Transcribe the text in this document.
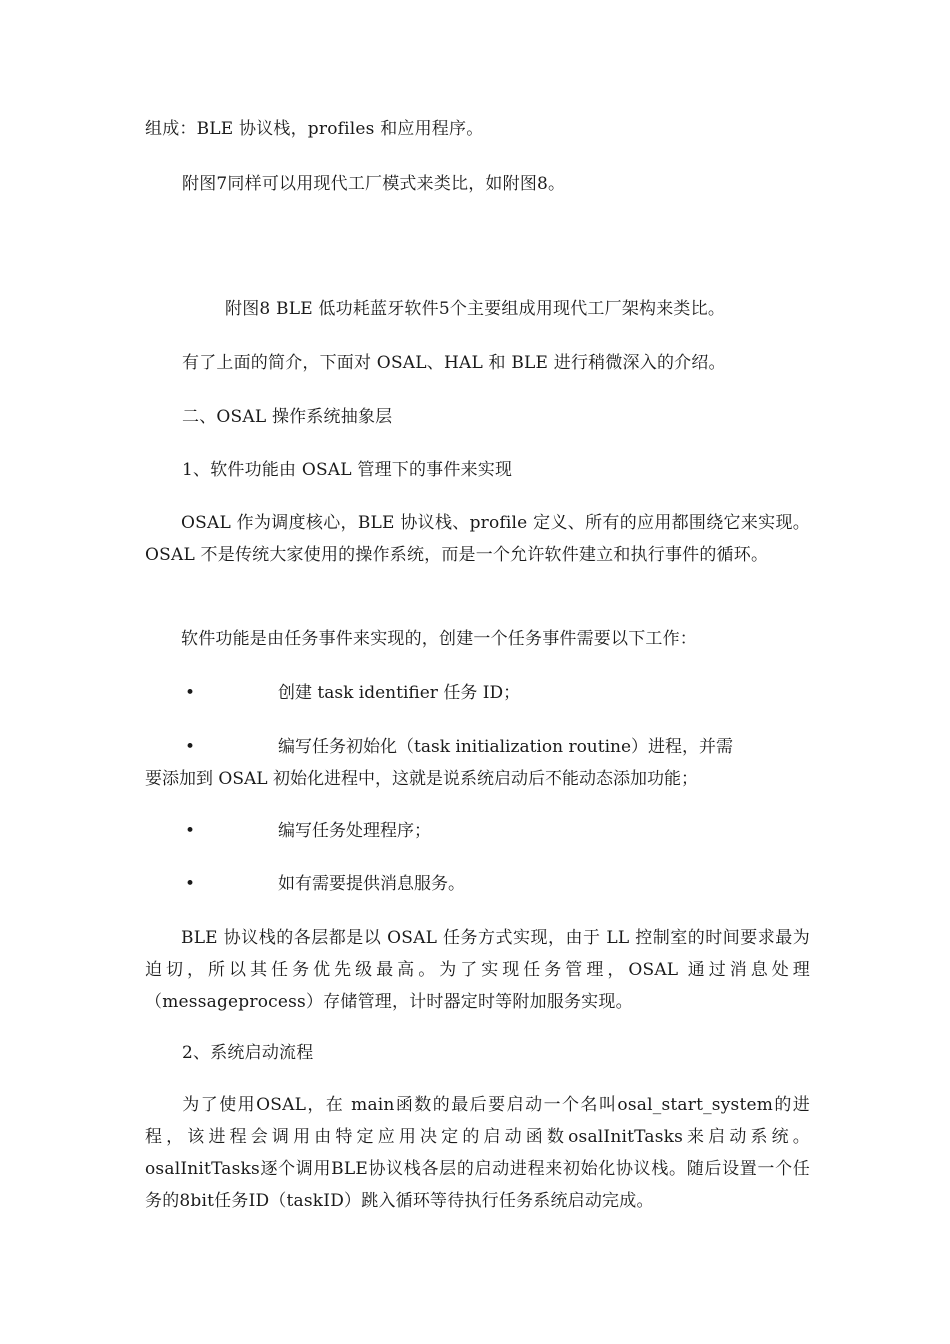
组成：BLE 协议栈，profiles 和应用程序。
附图7同样可以用现代工厂模式来类比，如附图8。
附图8 BLE 低功耗蓝牙软件5个主要组成用现代工厂架构来类比。
有了上面的简介，下面对 OSAL、HAL 和 BLE 进行稍微深入的介绍。
二、OSAL 操作系统抽象层
1、软件功能由 OSAL 管理下的事件来实现
OSAL 作为调度核心，BLE 协议栈、profile 定义、所有的应用都围绕它来实现。OSAL 不是传统大家使用的操作系统，而是一个允许软件建立和执行事件的循环。
软件功能是由任务事件来实现的，创建一个任务事件需要以下工作：
•	创建 task identifier 任务 ID；
•	编写任务初始化（task initialization routine）进程，并需
要添加到 OSAL 初始化进程中，这就是说系统启动后不能动态添加功能；
•	编写任务处理程序；
•	如有需要提供消息服务。
BLE 协议栈的各层都是以 OSAL 任务方式实现，由于 LL 控制室的时间要求最为迫切，所以其任务优先级最高。为了实现任务管理，OSAL 通过消息处理（messageprocess）存储管理，计时器定时等附加服务实现。
2、系统启动流程
为了使用OSAL，在 main函数的最后要启动一个名叫osal_start_system的进程，该进程会调用由特定应用决定的启动函数osalInitTasks来启动系统。osalInitTasks逐个调用BLE协议栈各层的启动进程来初始化协议栈。随后设置一个任务的8bit任务ID（taskID）跳入循环等待执行任务系统启动完成。
